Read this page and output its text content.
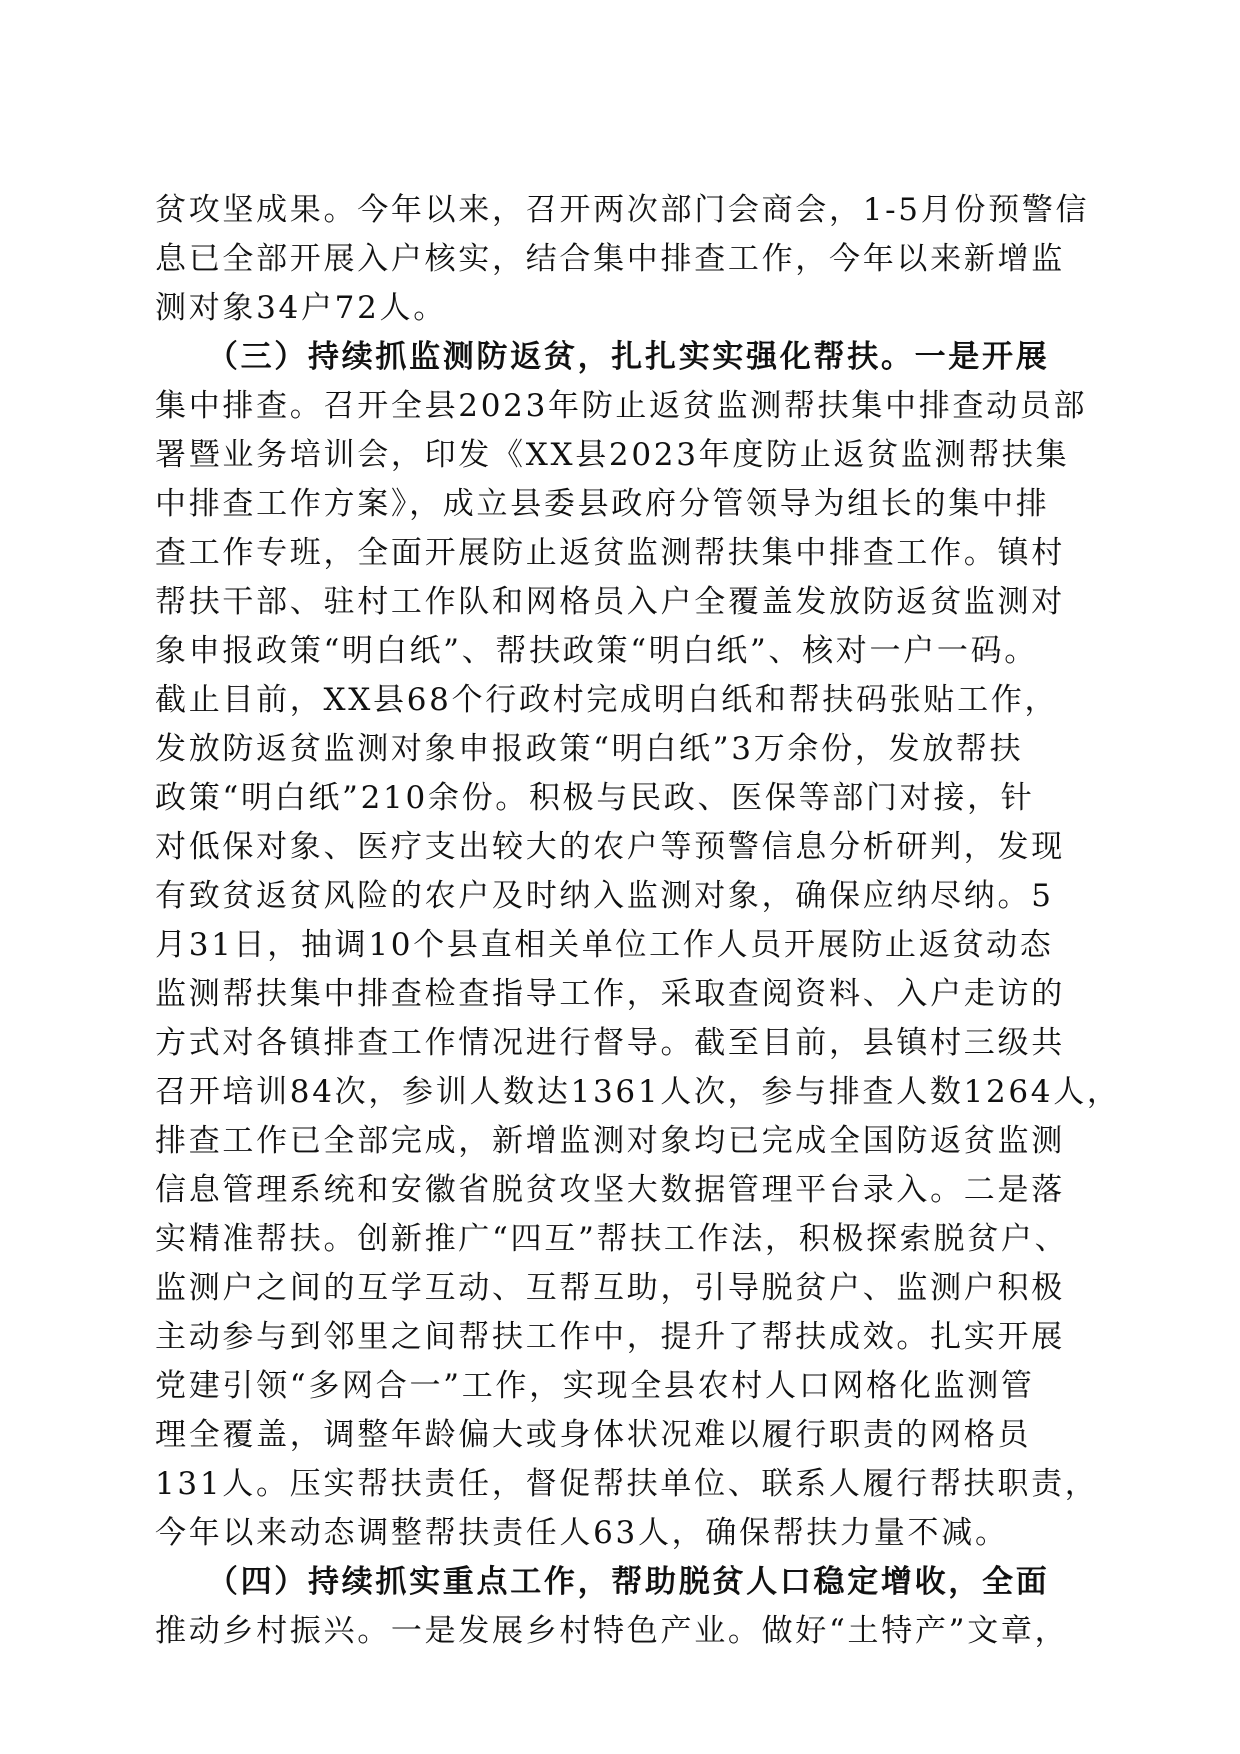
贫攻坚成果。今年以来，召开两次部门会商会，1-5月份预警信
息已全部开展入户核实，结合集中排查工作，今年以来新增监
测对象34户72人。
　　（三）持续抓监测防返贫，扎扎实实强化帮扶。一是开展
集中排查。召开全县2023年防止返贫监测帮扶集中排查动员部
署暨业务培训会，印发《XX县2023年度防止返贫监测帮扶集
中排查工作方案》，成立县委县政府分管领导为组长的集中排
查工作专班，全面开展防止返贫监测帮扶集中排查工作。镇村
帮扶干部、驻村工作队和网格员入户全覆盖发放防返贫监测对
象申报政策“明白纸”、帮扶政策“明白纸”、核对一户一码。
截止目前，XX县68个行政村完成明白纸和帮扶码张贴工作，
发放防返贫监测对象申报政策“明白纸”3万余份，发放帮扶
政策“明白纸”210余份。积极与民政、医保等部门对接，针
对低保对象、医疗支出较大的农户等预警信息分析研判，发现
有致贫返贫风险的农户及时纳入监测对象，确保应纳尽纳。5
月31日，抽调10个县直相关单位工作人员开展防止返贫动态
监测帮扶集中排查检查指导工作，采取查阅资料、入户走访的
方式对各镇排查工作情况进行督导。截至目前，县镇村三级共
召开培训84次，参训人数达1361人次，参与排查人数1264人，
排查工作已全部完成，新增监测对象均已完成全国防返贫监测
信息管理系统和安徽省脱贫攻坚大数据管理平台录入。二是落
实精准帮扶。创新推广“四互”帮扶工作法，积极探索脱贫户、
监测户之间的互学互动、互帮互助，引导脱贫户、监测户积极
主动参与到邻里之间帮扶工作中，提升了帮扶成效。扎实开展
党建引领“多网合一”工作，实现全县农村人口网格化监测管
理全覆盖，调整年龄偏大或身体状况难以履行职责的网格员
131人。压实帮扶责任，督促帮扶单位、联系人履行帮扶职责，
今年以来动态调整帮扶责任人63人，确保帮扶力量不减。
　　（四）持续抓实重点工作，帮助脱贫人口稳定增收，全面
推动乡村振兴。一是发展乡村特色产业。做好“土特产”文章，
